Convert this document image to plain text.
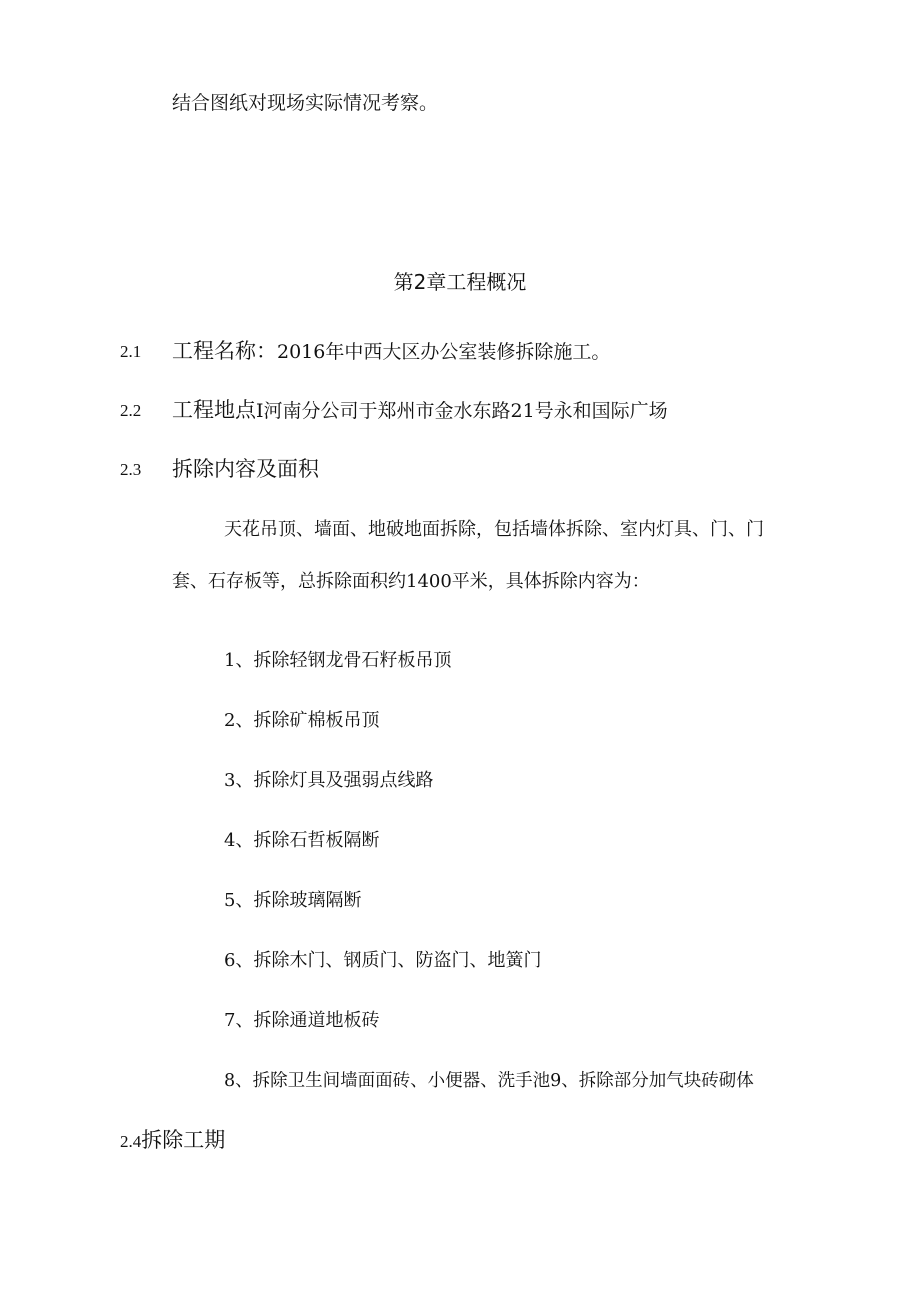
结合图纸对现场实际情况考察。
第2章工程概况
2.1 工程名称：2016年中西大区办公室装修拆除施工。
2.2 工程地点I河南分公司于郑州市金水东路21号永和国际广场
2.3 拆除内容及面积
天花吊顶、墙面、地破地面拆除，包括墙体拆除、室内灯具、门、门
套、石存板等，总拆除面积约1400平米，具体拆除内容为：
1、拆除轻钢龙骨石籽板吊顶
2、拆除矿棉板吊顶
3、拆除灯具及强弱点线路
4、拆除石哲板隔断
5、拆除玻璃隔断
6、拆除木门、钢质门、防盗门、地簧门
7、拆除通道地板砖
8、拆除卫生间墙面面砖、小便器、洗手池9、拆除部分加气块砖砌体
2.4拆除工期
